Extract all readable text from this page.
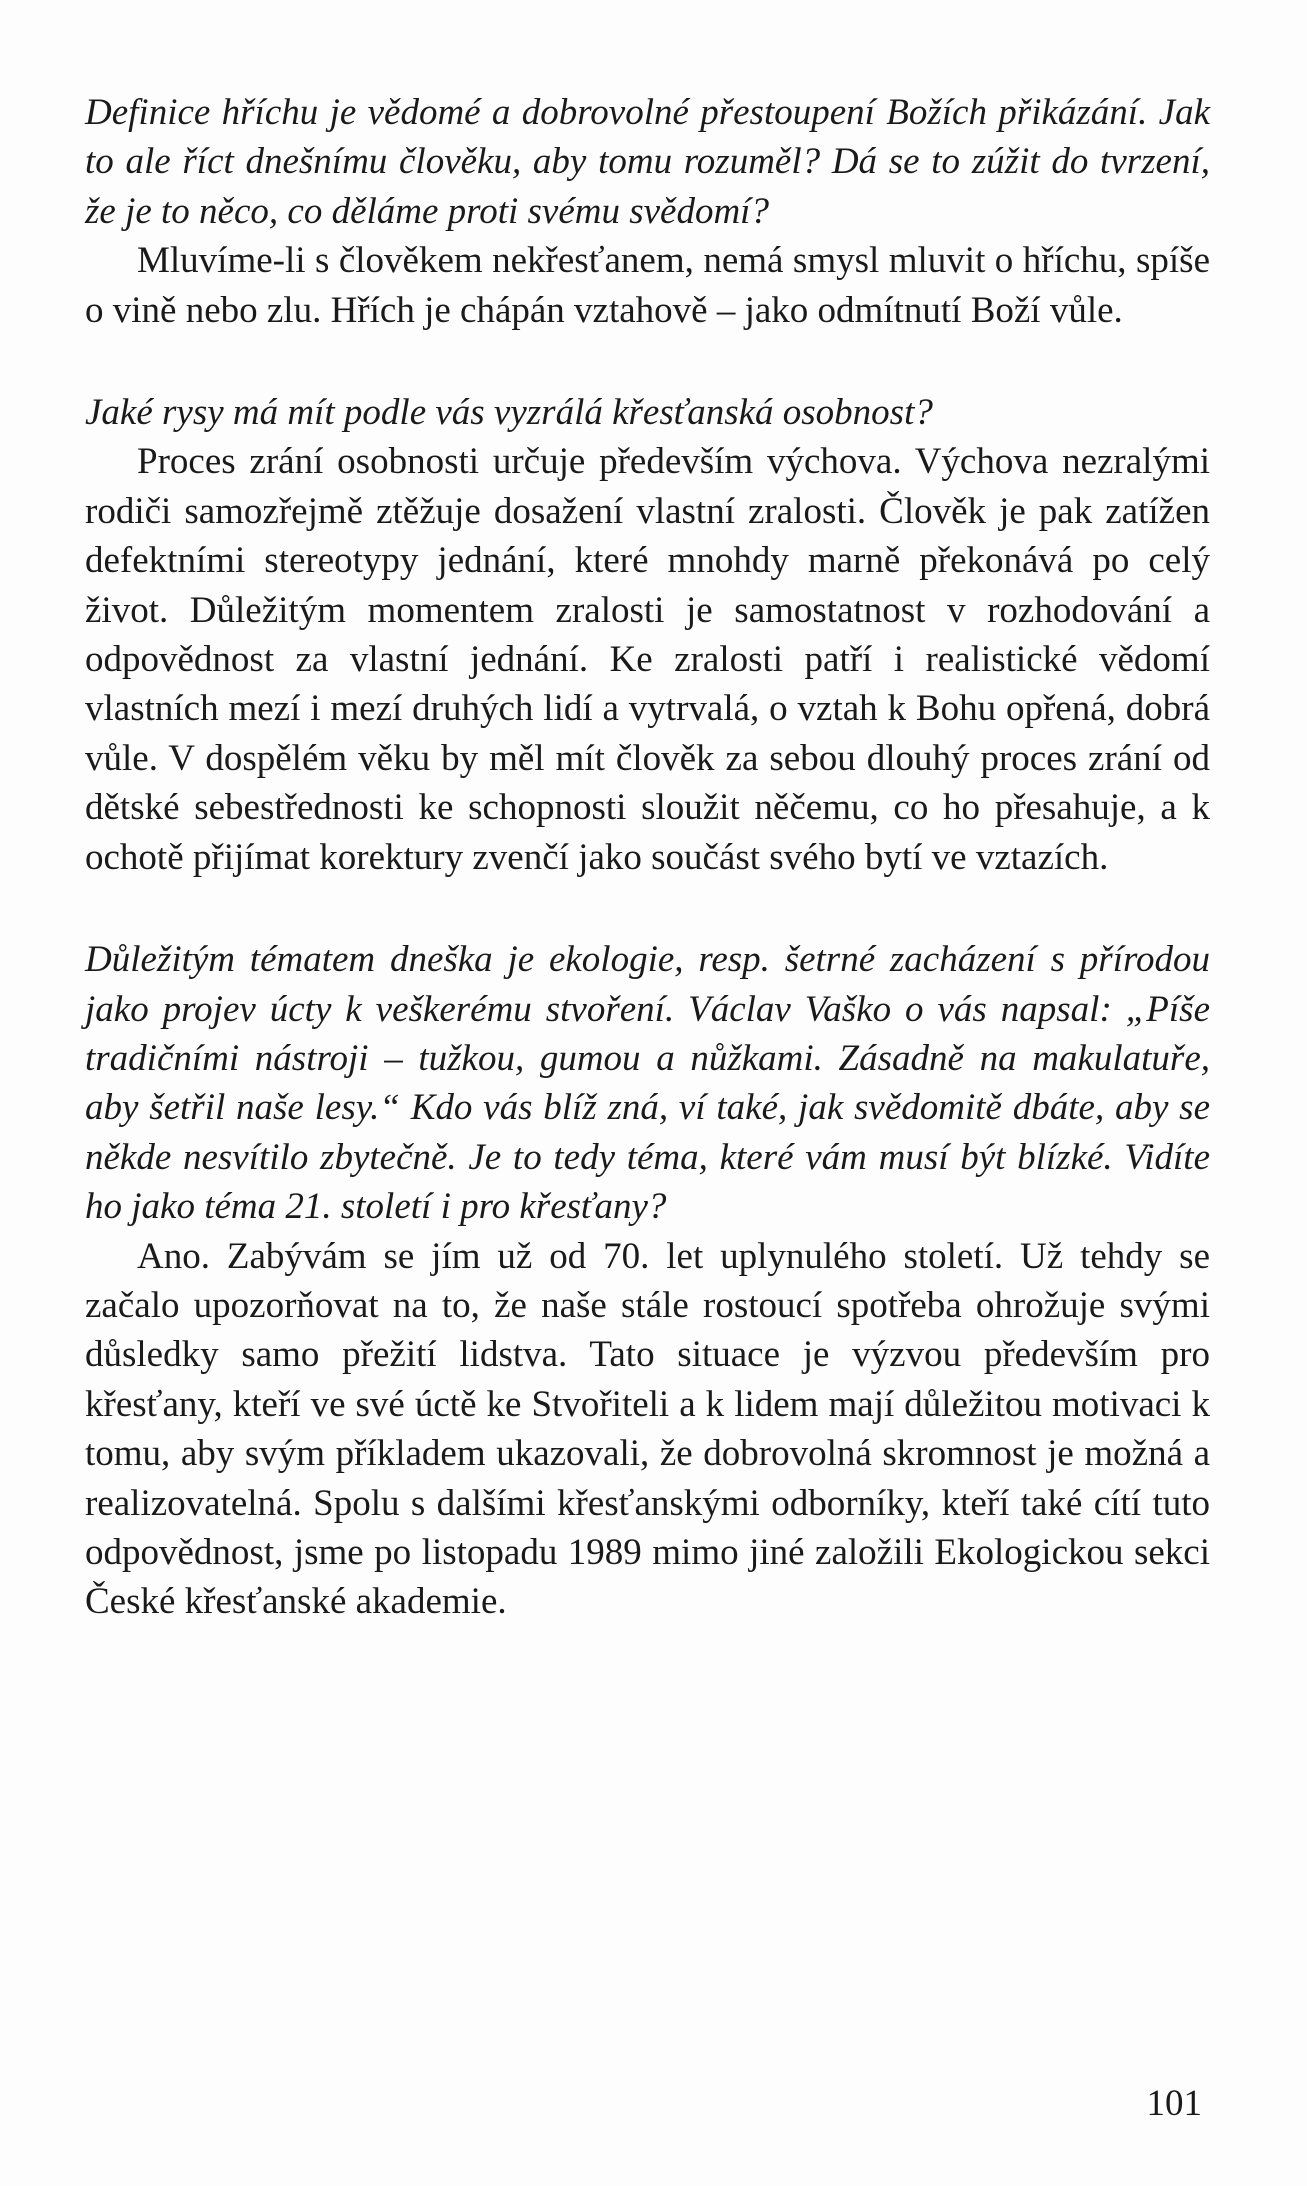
Definice hříchu je vědomé a dobrovolné přestoupení Božích přikázání. Jak to ale říct dnešnímu člověku, aby tomu rozuměl? Dá se to zúžit do tvrzení, že je to něco, co děláme proti svému svědomí?

Mluvíme-li s člověkem nekřesťanem, nemá smysl mluvit o hříchu, spíše o vině nebo zlu. Hřích je chápán vztahově – jako odmítnutí Boží vůle.

Jaké rysy má mít podle vás vyzrálá křesťanská osobnost?

Proces zrání osobnosti určuje především výchova. Výchova nezralými rodiči samozřejmě ztěžuje dosažení vlastní zralosti. Člověk je pak zatížen defektními stereotypy jednání, které mnohdy marně překonává po celý život. Důležitým momentem zralosti je samostatnost v rozhodování a odpovědnost za vlastní jednání. Ke zralosti patří i realistické vědomí vlastních mezí i mezí druhých lidí a vytrvalá, o vztah k Bohu opřená, dobrá vůle. V dospělém věku by měl mít člověk za sebou dlouhý proces zrání od dětské sebestřednosti ke schopnosti sloužit něčemu, co ho přesahuje, a k ochotě přijímat korektury zvenčí jako součást svého bytí ve vztazích.

Důležitým tématem dneška je ekologie, resp. šetrné zacházení s přírodou jako projev úcty k veškerému stvoření. Václav Vaško o vás napsal: „Píše tradičními nástroji – tužkou, gumou a nůžkami. Zásadně na makulatuře, aby šetřil naše lesy.“ Kdo vás blíž zná, ví také, jak svědomitě dbáte, aby se někde nesvítilo zbytečně. Je to tedy téma, které vám musí být blízké. Vidíte ho jako téma 21. století i pro křesťany?

Ano. Zabývám se jím už od 70. let uplynulého století. Už tehdy se začalo upozorňovat na to, že naše stále rostoucí spotřeba ohrožuje svými důsledky samo přežití lidstva. Tato situace je výzvou především pro křesťany, kteří ve své úctě ke Stvořiteli a k lidem mají důležitou motivaci k tomu, aby svým příkladem ukazovali, že dobrovolná skromnost je možná a realizovatelná. Spolu s dalšími křesťanskými odborníky, kteří také cítí tuto odpovědnost, jsme po listopadu 1989 mimo jiné založili Ekologickou sekci České křesťanské akademie.

101
